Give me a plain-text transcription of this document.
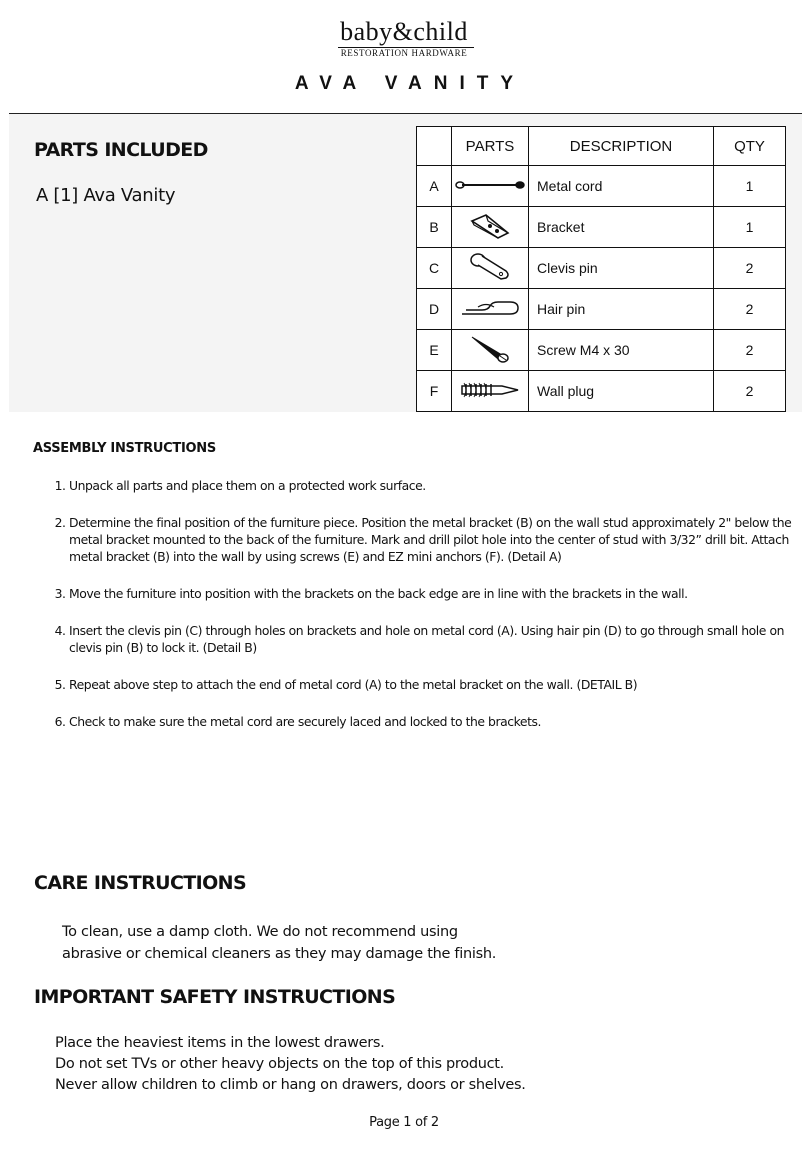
baby&child
RESTORATION HARDWARE
AVA VANITY
PARTS INCLUDED
A [1] Ava Vanity
	PARTS	DESCRIPTION	QTY
A		Metal cord	1
B		Bracket	1
C		Clevis pin	2
D		Hair pin	2
E		Screw M4 x 30	2
F		Wall plug	2
ASSEMBLY INSTRUCTIONS
1. Unpack all parts and place them on a protected work surface.
2. Determine the final position of the furniture piece. Position the metal bracket (B) on the wall stud approximately 2" below the metal bracket mounted to the back of the furniture. Mark and drill pilot hole into the center of stud with 3/32” drill bit. Attach metal bracket (B) into the wall by using screws (E) and EZ mini anchors (F). (Detail A)
3. Move the furniture into position with the brackets on the back edge are in line with the brackets in the wall.
4. Insert the clevis pin (C) through holes on brackets and hole on metal cord (A). Using hair pin (D) to go through small hole on clevis pin (B) to lock it. (Detail B)
5. Repeat above step to attach the end of metal cord (A) to the metal bracket on the wall. (DETAIL B)
6. Check to make sure the metal cord are securely laced and locked to the brackets.
CARE INSTRUCTIONS
To clean, use a damp cloth. We do not recommend using
abrasive or chemical cleaners as they may damage the finish.
IMPORTANT SAFETY INSTRUCTIONS
Place the heaviest items in the lowest drawers.
Do not set TVs or other heavy objects on the top of this product.
Never allow children to climb or hang on drawers, doors or shelves.
Page 1 of 2
